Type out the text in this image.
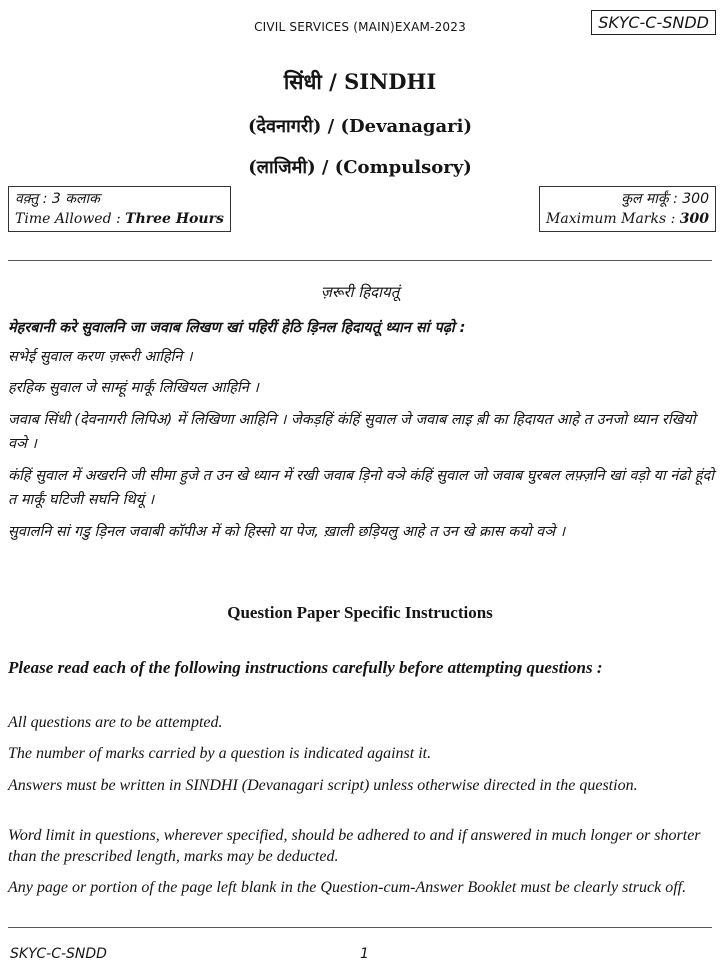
CIVIL SERVICES (MAIN)EXAM-2023	SKYC-C-SNDD
सिंधी / SINDHI
(देवनागरी) / (Devanagari)
(लाजिमी) / (Compulsory)
वक़्तु : 3 कलाक
Time Allowed : Three Hours
कुल मार्कूं : 300
Maximum Marks : 300
ज़रूरी हिदायतूं
मेहरबानी करे सुवालनि जा जवाब लिखण खां पहिरीं हेठि ड़िनल हिदायतूं ध्यान सां पढ़ो :
सभेई सुवाल करण ज़रूरी आहिनि ।
हरहिक सुवाल जे साम्हूं मार्कूं लिखियल आहिनि ।
जवाब सिंधी (देवनागरी लिपिअ) में लिखिणा आहिनि । जेकड़हिं कंहिं सुवाल जे जवाब लाइ ब़ी का हिदायत आहे त उनजो ध्यान रखियो वञे ।
कंहिं सुवाल में अखरनि जी सीमा हुजे त उन खे ध्यान में रखी जवाब ड़िनो वञे कंहिं सुवाल जो जवाब घुरबल लफ़्ज़नि खां वड़ो या नंढो हूंदो त मार्कूं घटिजी सघनि थियूं ।
सुवालनि सां गडु ड़िनल जवाबी कॉपीअ में को हिस्सो या पेज, ख़ाली छड़ियलु आहे त उन खे क्रास कयो वञे ।
Question Paper Specific Instructions
Please read each of the following instructions carefully before attempting questions :
All questions are to be attempted.
The number of marks carried by a question is indicated against it.
Answers must be written in SINDHI (Devanagari script) unless otherwise directed in the question.
Word limit in questions, wherever specified, should be adhered to and if answered in much longer or shorter than the prescribed length, marks may be deducted.
Any page or portion of the page left blank in the Question-cum-Answer Booklet must be clearly struck off.
SKYC-C-SNDD	1
